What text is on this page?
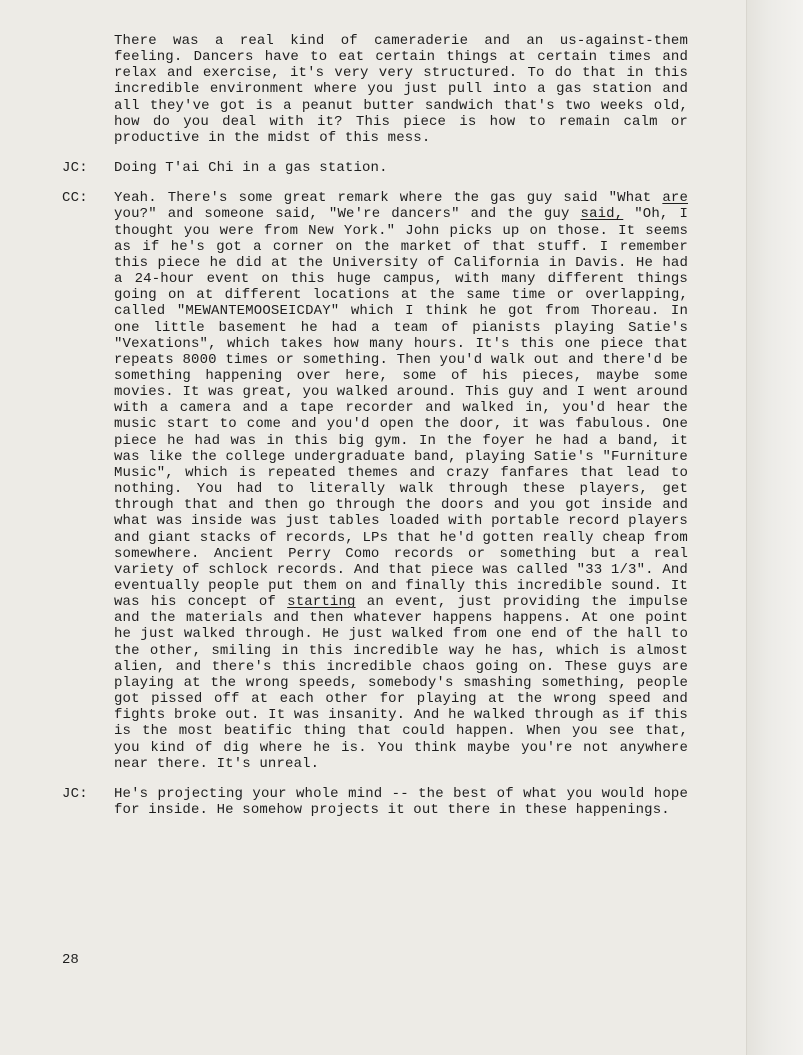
There was a real kind of cameraderie and an us-against-them feeling. Dancers have to eat certain things at certain times and relax and exercise, it's very very structured. To do that in this incredible environment where you just pull into a gas station and all they've got is a peanut butter sandwich that's two weeks old, how do you deal with it? This piece is how to remain calm or productive in the midst of this mess.
JC:	Doing T'ai Chi in a gas station.
CC:	Yeah. There's some great remark where the gas guy said "What are you?" and someone said, "We're dancers" and the guy said, "Oh, I thought you were from New York." John picks up on those. It seems as if he's got a corner on the market of that stuff. I remember this piece he did at the University of California in Davis. He had a 24-hour event on this huge campus, with many different things going on at different locations at the same time or overlapping, called "MEWANTEMOOSEICDAY" which I think he got from Thoreau. In one little basement he had a team of pianists playing Satie's "Vexations", which takes how many hours. It's this one piece that repeats 8000 times or something. Then you'd walk out and there'd be something happening over here, some of his pieces, maybe some movies. It was great, you walked around. This guy and I went around with a camera and a tape recorder and walked in, you'd hear the music start to come and you'd open the door, it was fabulous. One piece he had was in this big gym. In the foyer he had a band, it was like the college undergraduate band, playing Satie's "Furniture Music", which is repeated themes and crazy fanfares that lead to nothing. You had to literally walk through these players, get through that and then go through the doors and you got inside and what was inside was just tables loaded with portable record players and giant stacks of records, LPs that he'd gotten really cheap from somewhere. Ancient Perry Como records or something but a real variety of schlock records. And that piece was called "33 1/3". And eventually people put them on and finally this incredible sound. It was his concept of starting an event, just providing the impulse and the materials and then whatever happens happens. At one point he just walked through. He just walked from one end of the hall to the other, smiling in this incredible way he has, which is almost alien, and there's this incredible chaos going on. These guys are playing at the wrong speeds, somebody's smashing something, people got pissed off at each other for playing at the wrong speed and fights broke out. It was insanity. And he walked through as if this is the most beatific thing that could happen. When you see that, you kind of dig where he is. You think maybe you're not anywhere near there. It's unreal.
JC:	He's projecting your whole mind -- the best of what you would hope for inside. He somehow projects it out there in these happenings.
28
